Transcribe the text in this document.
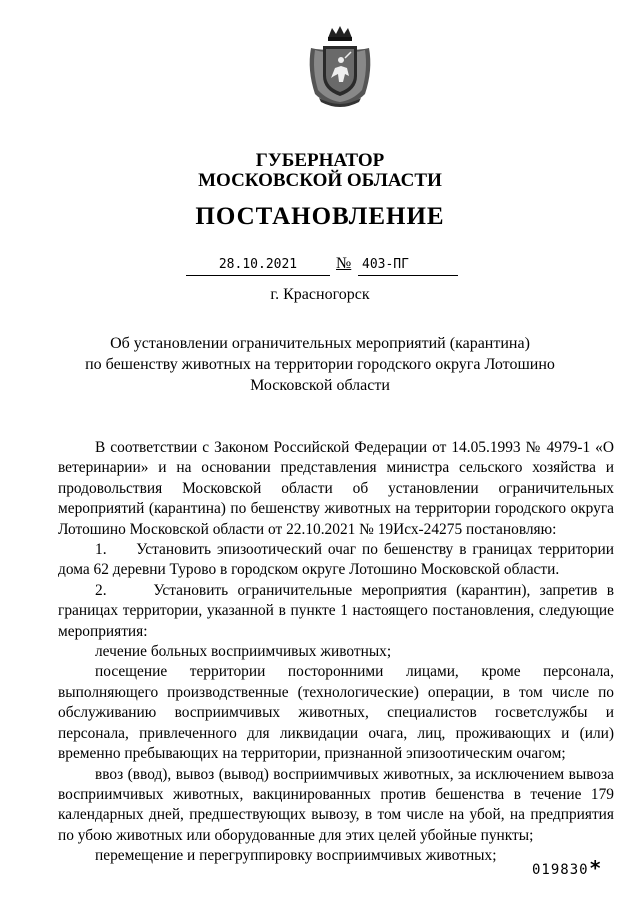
ГУБЕРНАТОР
МОСКОВСКОЙ ОБЛАСТИ
ПОСТАНОВЛЕНИЕ
28.10.2021	№ 403-ПГ
г. Красногорск
Об установлении ограничительных мероприятий (карантина)
по бешенству животных на территории городского округа Лотошино
Московской области

В соответствии с Законом Российской Федерации от 14.05.1993 № 4979-1 «О ветеринарии» и на основании представления министра сельского хозяйства и продовольствия Московской области об установлении ограничительных мероприятий (карантина) по бешенству животных на территории городского округа Лотошино Московской области от 22.10.2021 № 19Исх-24275 постановляю:

1.     Установить эпизоотический очаг по бешенству в границах территории дома 62 деревни Турово в городском округе Лотошино Московской области.

2.     Установить ограничительные мероприятия (карантин), запретив в границах территории, указанной в пункте 1 настоящего постановления, следующие мероприятия:

лечение больных восприимчивых животных;

посещение территории посторонними лицами, кроме персонала, выполняющего производственные (технологические) операции, в том числе по обслуживанию восприимчивых животных, специалистов госветслужбы и персонала, привлеченного для ликвидации очага, лиц, проживающих и (или) временно пребывающих на территории, признанной эпизоотическим очагом;

ввоз (ввод), вывоз (вывод) восприимчивых животных, за исключением вывоза восприимчивых животных, вакцинированных против бешенства в течение 179 календарных дней, предшествующих вывозу, в том числе на убой, на предприятия по убою животных или оборудованные для этих целей убойные пункты;

перемещение и перегруппировку восприимчивых животных;

019830 *
